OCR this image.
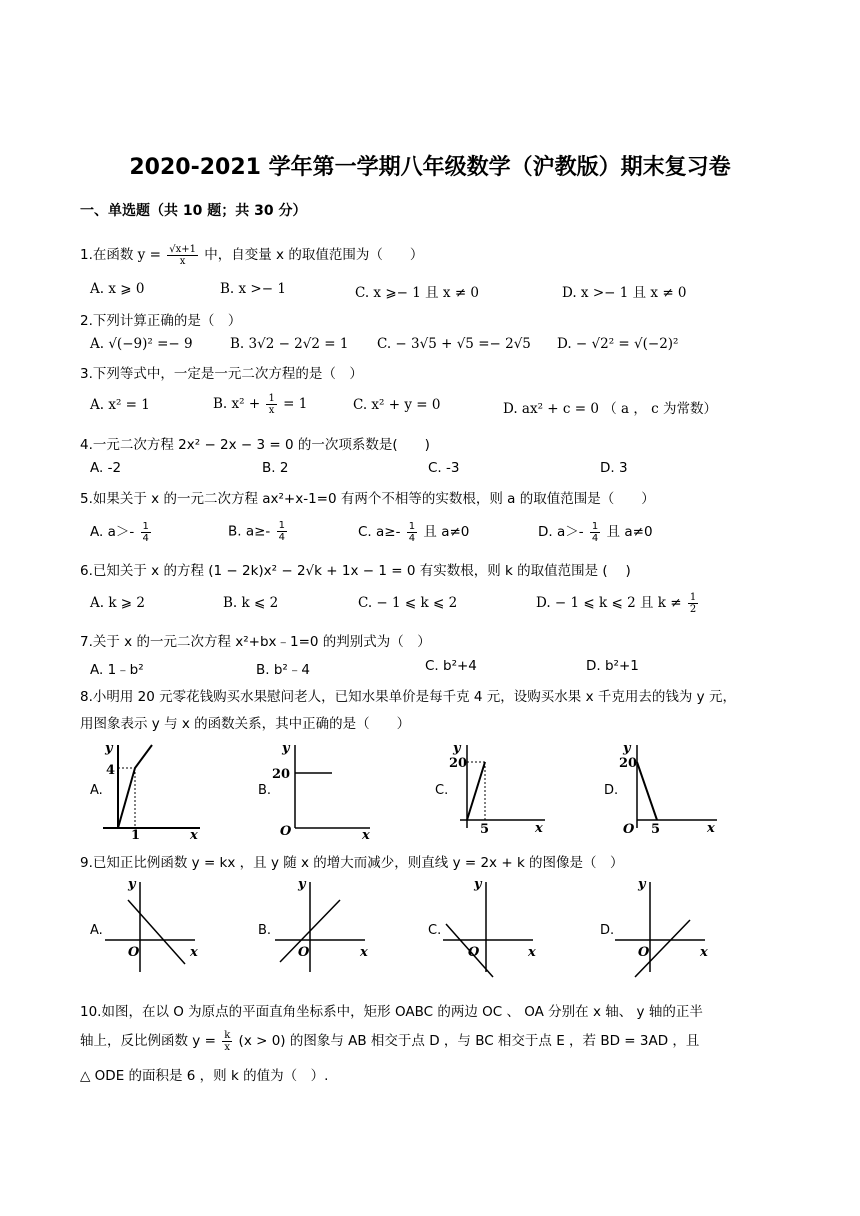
2020-2021 学年第一学期八年级数学（沪教版）期末复习卷
一、单选题（共 10 题；共 30 分）
1.在函数 $y = \frac{√x+1}{x}$ 中，自变量 x 的取值范围为（　　）
A. x ⩾ 0	B. x >− 1	C. x ⩾− 1 且 x ≠ 0	D. x >− 1 且 x ≠ 0
2.下列计算正确的是（　）
A. √(−9)² =− 9	B. 3√2 − 2√2 = 1 C. − 3√5 + √5 =− 2√5 D. − √2² = √(−2)²
3.下列等式中，一定是一元二次方程的是（　）
A. x² = 1	B. $x^2 + \frac{1}{x} = 1$	C. x² + y = 0	D. ax² + c = 0 （ a ， c 为常数）
4.一元二次方程 2x² − 2x − 3 = 0 的一次项系数是(　　)
A. -2	B. 2	C. -3	D. 3
5.如果关于 x 的一元二次方程 ax²+x-1=0 有两个不相等的实数根，则 a 的取值范围是（　　）
A. $a>- \frac{1}{4}$	B. $a\ge- \frac{1}{4}$	C. $a\ge- \frac{1}{4}$ 且 a≠0	D. $a>- \frac{1}{4}$ 且 a≠0
6.已知关于 x 的方程 (1 − 2k)x² − 2√k + 1x − 1 = 0 有实数根，则 k 的取值范围是 (　 )
A. k ⩾ 2	B. k ⩽ 2	C. − 1 ⩽ k ⩽ 2	D. − 1 ⩽ k ⩽ 2 且 $k \ne \frac{1}{2}$
7.关于 x 的一元二次方程 x²+bx﹣1=0 的判别式为（　）
A. 1﹣b²	B. b²﹣4	C. b²+4	D. b²+1
8.小明用 20 元零花钱购买水果慰问老人，已知水果单价是每千克 4 元，设购买水果 x 千克用去的钱为 y 元，
用图象表示 y 与 x 的函数关系，其中正确的是（　　）
A.
y
4
1	x
B.
y
20
O	x
C.
y
20
5	x
D.
y
20
O 5	x
9.已知正比例函数 y = kx ，且 y 随 x 的增大而减少，则直线 y = 2x + k 的图像是（　）
A.
y
O	x
B.
y
O	x
C.
y
O	x
D.
y
O	x
10.如图，在以 O 为原点的平面直角坐标系中，矩形 OABC 的两边 OC 、 OA 分别在 x 轴、 y 轴的正半
轴上，反比例函数 $y = \frac{k}{x} (x > 0)$ 的图象与 AB 相交于点 D ，与 BC 相交于点 E ，若 BD = 3AD ，且
△ ODE 的面积是 6 ，则 k 的值为（　）.
